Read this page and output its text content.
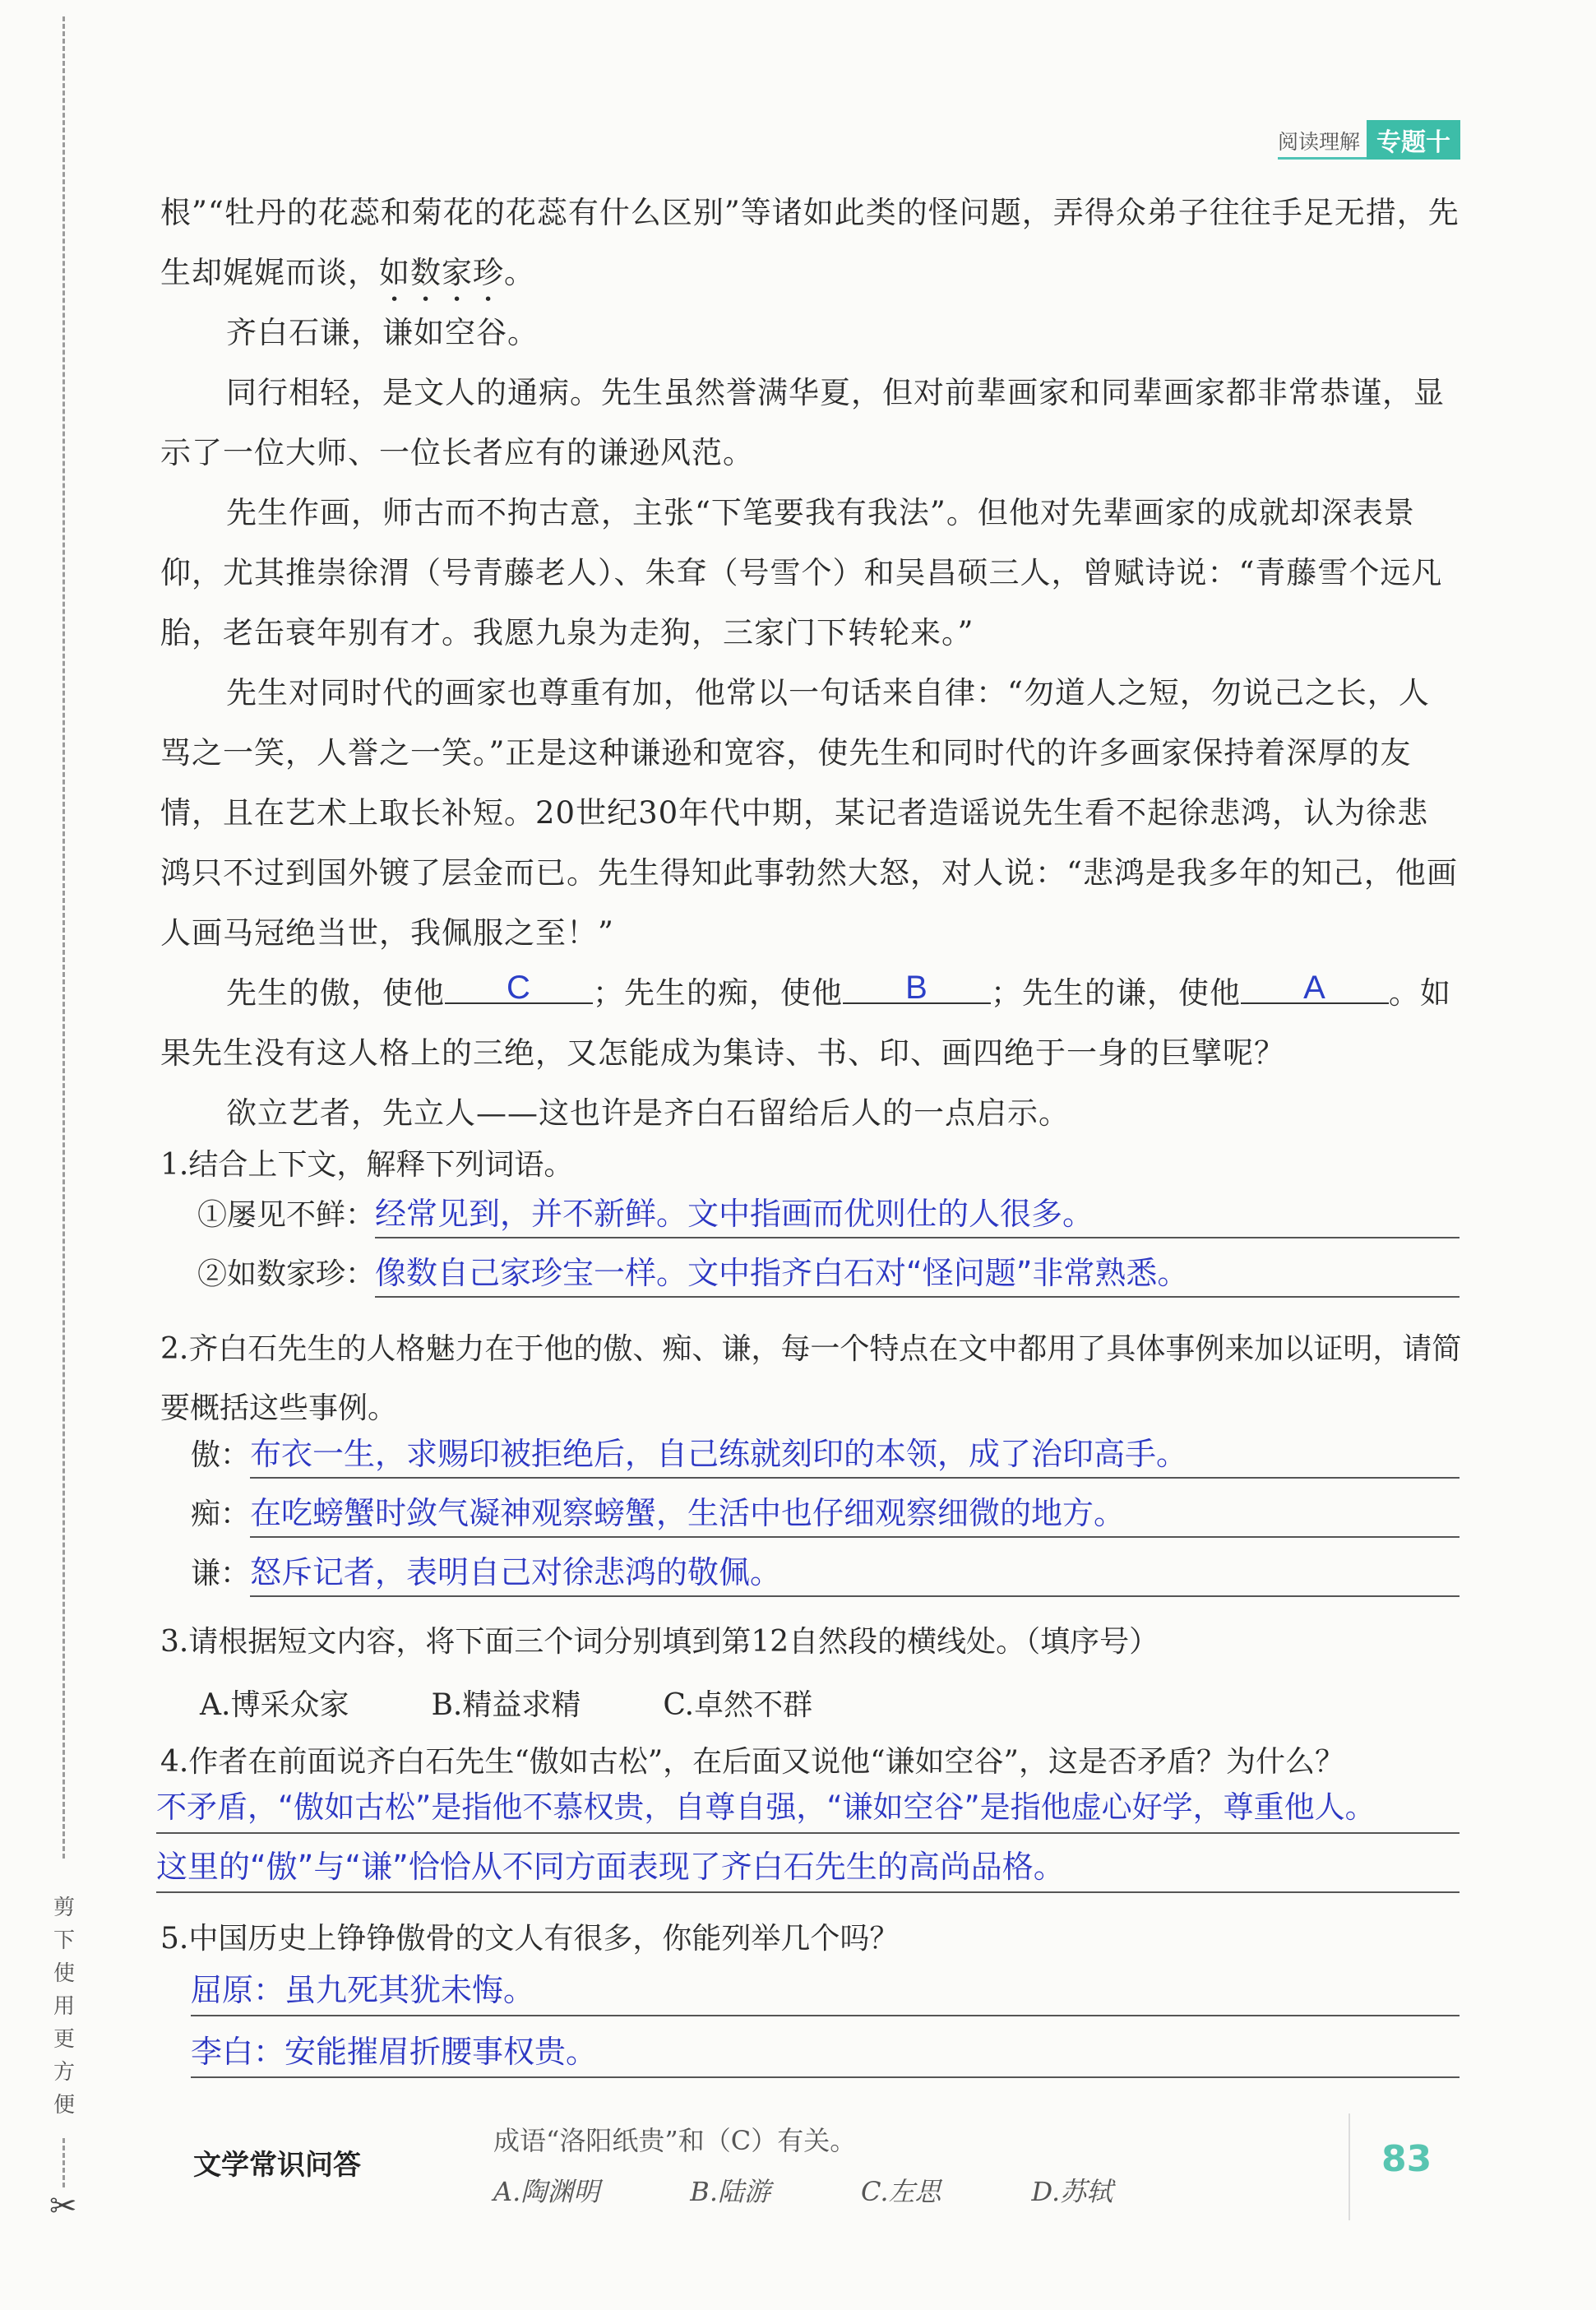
剪下使用更方便
✂
阅读理解 专题十
根”“牡丹的花蕊和菊花的花蕊有什么区别”等诸如此类的怪问题，弄得众弟子往往手足无措，先生却娓娓而谈，如数家珍。
齐白石谦，谦如空谷。
同行相轻，是文人的通病。先生虽然誉满华夏，但对前辈画家和同辈画家都非常恭谨，显示了一位大师、一位长者应有的谦逊风范。
先生作画，师古而不拘古意，主张“下笔要我有我法”。但他对先辈画家的成就却深表景仰，尤其推崇徐渭（号青藤老人）、朱耷（号雪个）和吴昌硕三人，曾赋诗说：“青藤雪个远凡胎，老缶衰年别有才。我愿九泉为走狗，三家门下转轮来。”
先生对同时代的画家也尊重有加，他常以一句话来自律：“勿道人之短，勿说己之长，人骂之一笑，人誉之一笑。”正是这种谦逊和宽容，使先生和同时代的许多画家保持着深厚的友情，且在艺术上取长补短。20世纪30年代中期，某记者造谣说先生看不起徐悲鸿，认为徐悲鸿只不过到国外镀了层金而已。先生得知此事勃然大怒，对人说：“悲鸿是我多年的知己，他画人画马冠绝当世，我佩服之至！”
先生的傲，使他 C ；先生的痴，使他 B ；先生的谦，使他 A 。如果先生没有这人格上的三绝，又怎能成为集诗、书、印、画四绝于一身的巨擘呢？
欲立艺者，先立人——这也许是齐白石留给后人的一点启示。
1.结合上下文，解释下列词语。
①屡见不鲜： 经常见到，并不新鲜。文中指画而优则仕的人很多。
②如数家珍： 像数自己家珍宝一样。文中指齐白石对“怪问题”非常熟悉。
2.齐白石先生的人格魅力在于他的傲、痴、谦，每一个特点在文中都用了具体事例来加以证明，请简要概括这些事例。
傲： 布衣一生，求赐印被拒绝后，自己练就刻印的本领，成了治印高手。
痴： 在吃螃蟹时敛气凝神观察螃蟹，生活中也仔细观察细微的地方。
谦： 怒斥记者，表明自己对徐悲鸿的敬佩。
3.请根据短文内容，将下面三个词分别填到第12自然段的横线处。（填序号）
A.博采众家	B.精益求精	C.卓然不群
4.作者在前面说齐白石先生“傲如古松”，在后面又说他“谦如空谷”，这是否矛盾？为什么？
不矛盾，“傲如古松”是指他不慕权贵，自尊自强，“谦如空谷”是指他虚心好学，尊重他人。
这里的“傲”与“谦”恰恰从不同方面表现了齐白石先生的高尚品格。
5.中国历史上铮铮傲骨的文人有很多，你能列举几个吗？
屈原：虽九死其犹未悔。
李白：安能摧眉折腰事权贵。
文学常识问答
成语“洛阳纸贵”和（C）有关。
A.陶渊明	B.陆游	C.左思	D.苏轼
83
